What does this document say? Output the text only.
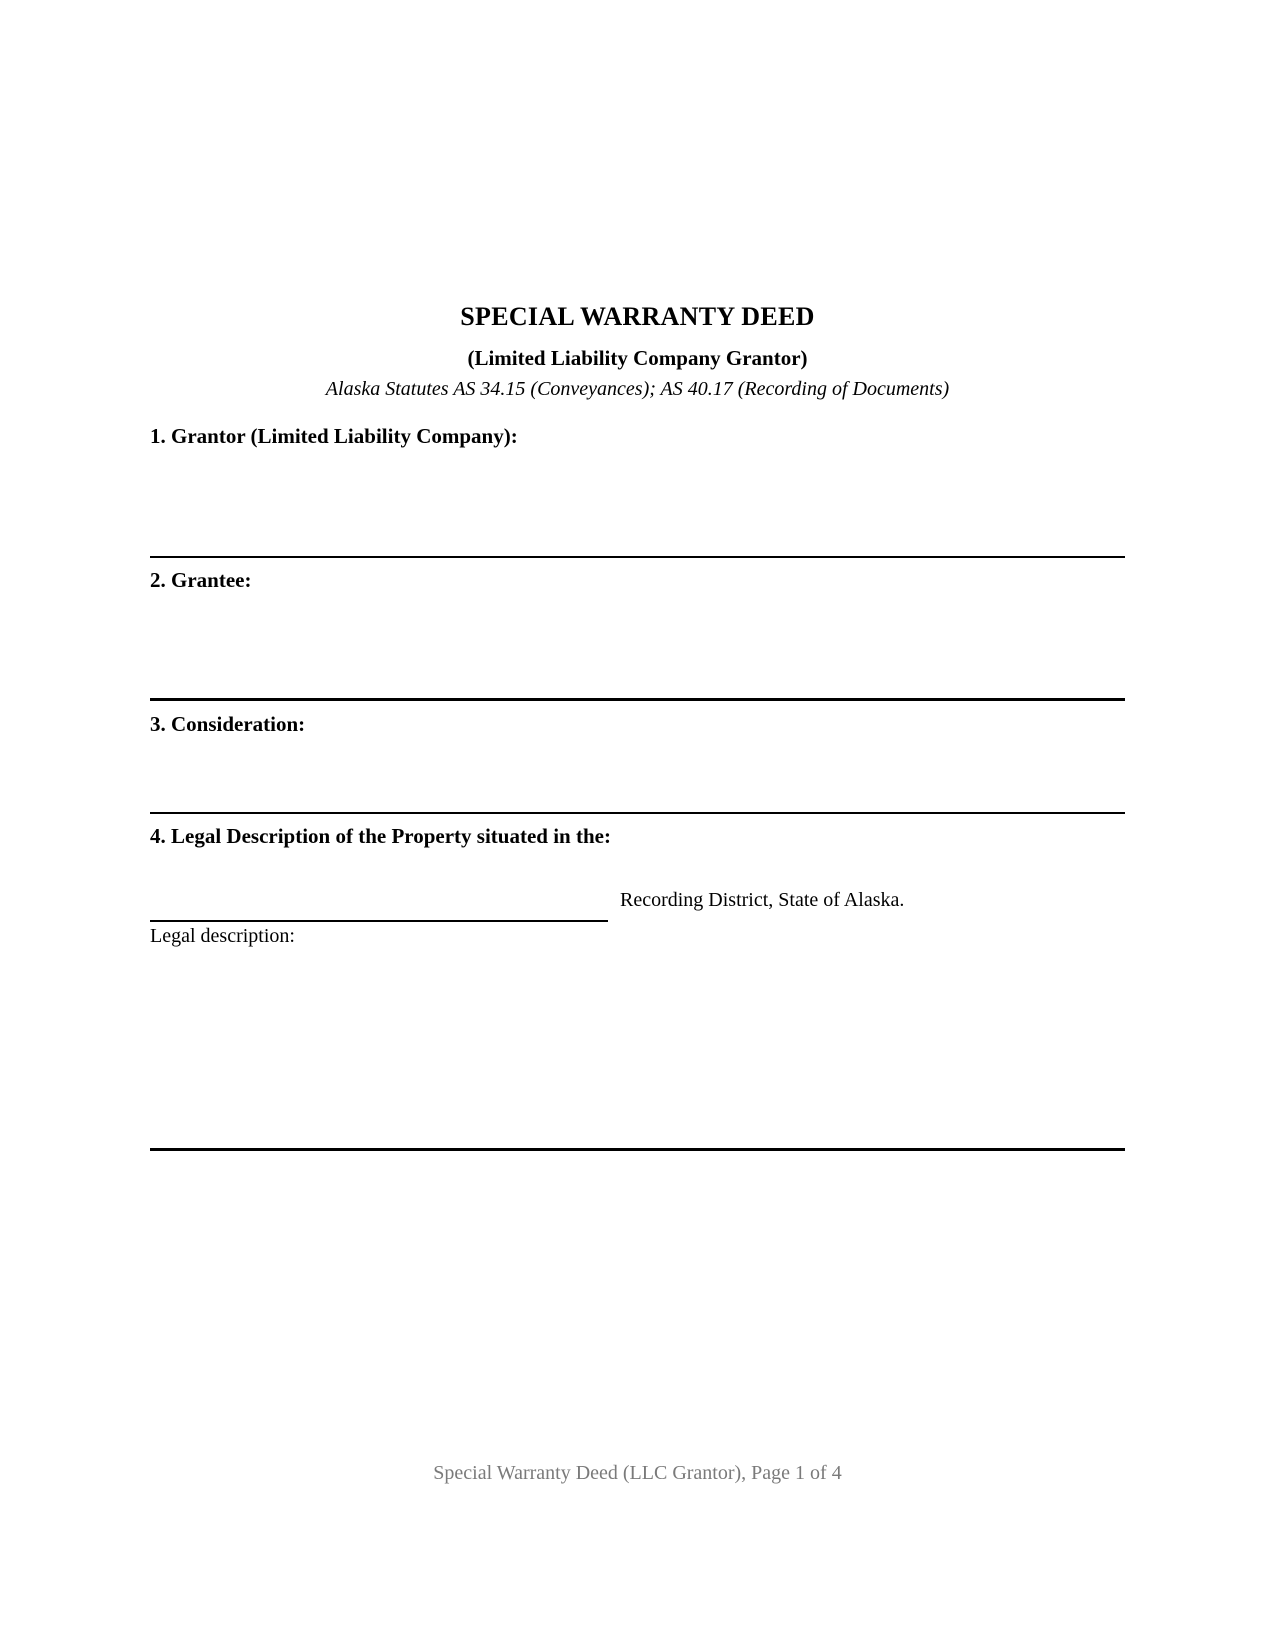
SPECIAL WARRANTY DEED
(Limited Liability Company Grantor)
Alaska Statutes AS 34.15 (Conveyances); AS 40.17 (Recording of Documents)
1. Grantor (Limited Liability Company):
2. Grantee:
3. Consideration:
4. Legal Description of the Property situated in the:
Recording District, State of Alaska.
Legal description:
Special Warranty Deed (LLC Grantor), Page 1 of 4
